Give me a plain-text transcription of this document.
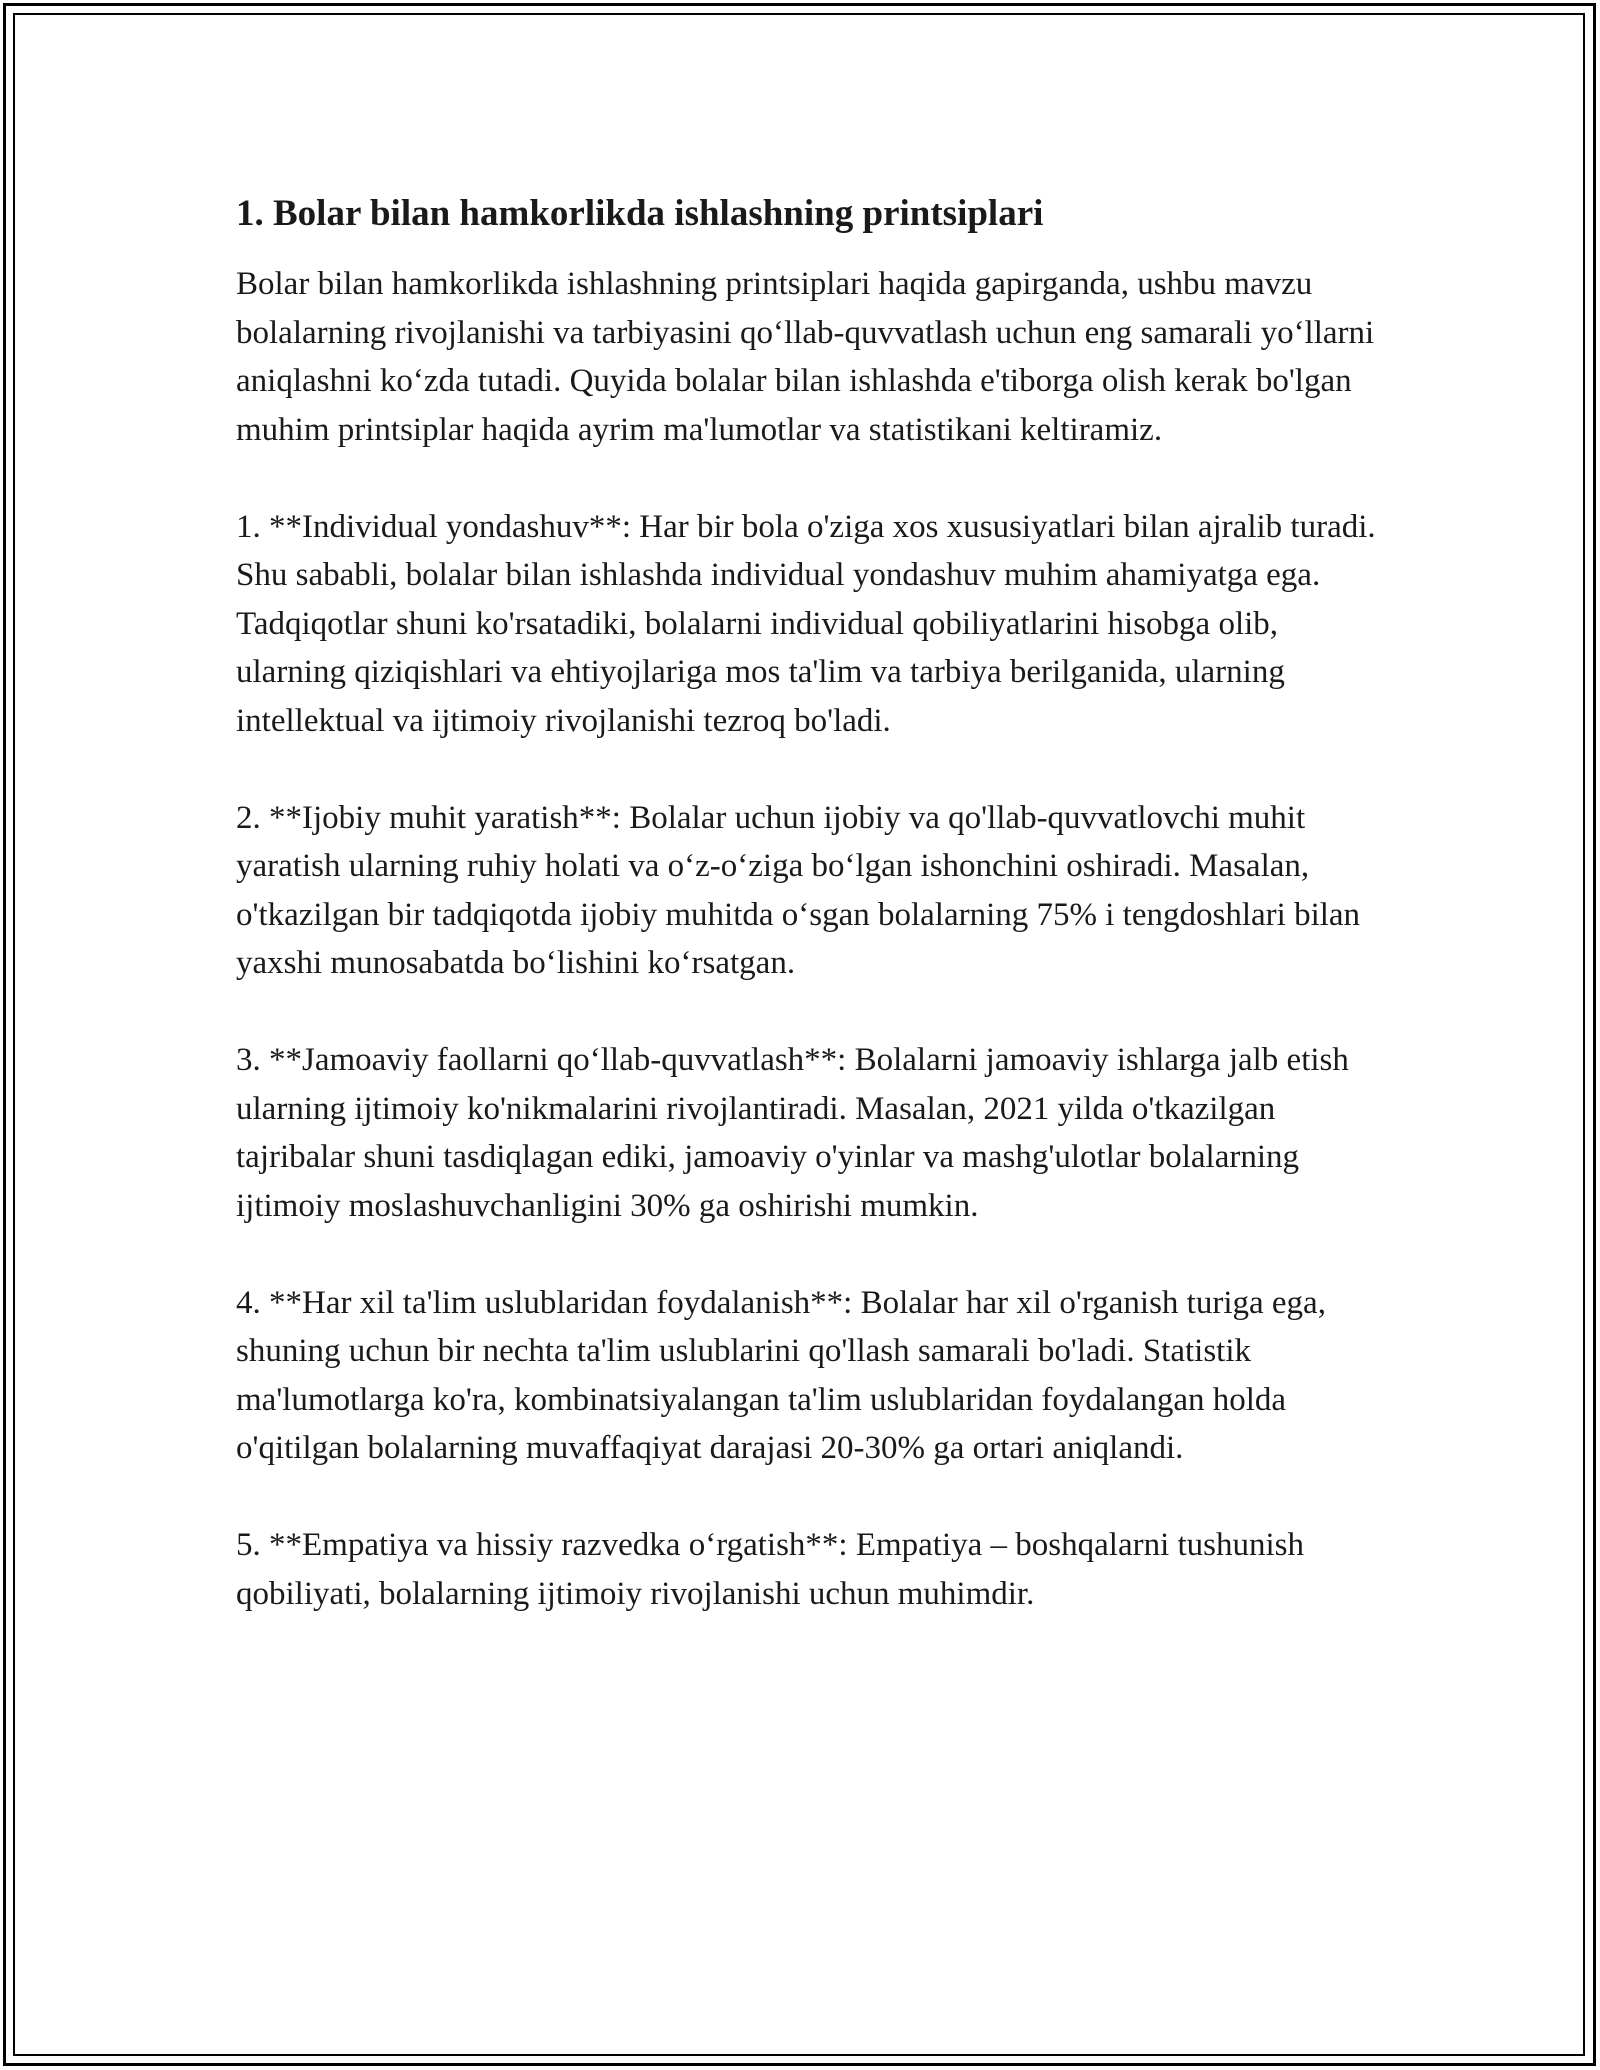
1. Bolar bilan hamkorlikda ishlashning printsiplari

Bolar bilan hamkorlikda ishlashning printsiplari haqida gapirganda, ushbu mavzu bolalarning rivojlanishi va tarbiyasini qo‘llab-quvvatlash uchun eng samarali yo‘llarni aniqlashni ko‘zda tutadi. Quyida bolalar bilan ishlashda e'tiborga olish kerak bo'lgan muhim printsiplar haqida ayrim ma'lumotlar va statistikani keltiramiz.

1. **Individual yondashuv**: Har bir bola o'ziga xos xususiyatlari bilan ajralib turadi. Shu sababli, bolalar bilan ishlashda individual yondashuv muhim ahamiyatga ega. Tadqiqotlar shuni ko'rsatadiki, bolalarni individual qobiliyatlarini hisobga olib, ularning qiziqishlari va ehtiyojlariga mos ta'lim va tarbiya berilganida, ularning intellektual va ijtimoiy rivojlanishi tezroq bo'ladi.

2. **Ijobiy muhit yaratish**: Bolalar uchun ijobiy va qo'llab-quvvatlovchi muhit yaratish ularning ruhiy holati va o‘z-o‘ziga bo‘lgan ishonchini oshiradi. Masalan, o'tkazilgan bir tadqiqotda ijobiy muhitda o‘sgan bolalarning 75% i tengdoshlari bilan yaxshi munosabatda bo‘lishini ko‘rsatgan.

3. **Jamoaviy faollarni qo‘llab-quvvatlash**: Bolalarni jamoaviy ishlarga jalb etish ularning ijtimoiy ko'nikmalarini rivojlantiradi. Masalan, 2021 yilda o'tkazilgan tajribalar shuni tasdiqlagan ediki, jamoaviy o'yinlar va mashg'ulotlar bolalarning ijtimoiy moslashuvchanligini 30% ga oshirishi mumkin.

4. **Har xil ta'lim uslublaridan foydalanish**: Bolalar har xil o'rganish turiga ega, shuning uchun bir nechta ta'lim uslublarini qo'llash samarali bo'ladi. Statistik ma'lumotlarga ko'ra, kombinatsiyalangan ta'lim uslublaridan foydalangan holda o'qitilgan bolalarning muvaffaqiyat darajasi 20-30% ga ortari aniqlandi.

5. **Empatiya va hissiy razvedka o‘rgatish**: Empatiya – boshqalarni tushunish qobiliyati, bolalarning ijtimoiy rivojlanishi uchun muhimdir.
